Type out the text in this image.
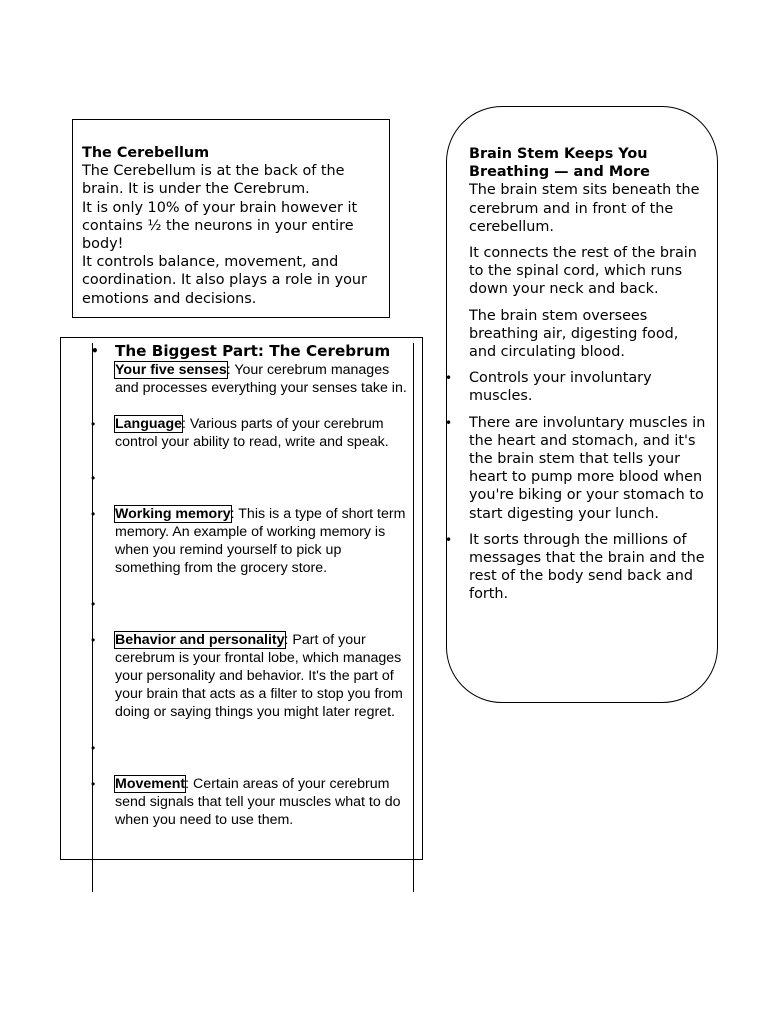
The Cerebellum

The Cerebellum is at the back of the brain. It is under the Cerebrum.

It is only 10% of your brain however it contains ½ the neurons in your entire body!

It controls balance, movement, and coordination. It also plays a role in your emotions and decisions.

Brain Stem Keeps You Breathing — and More

The brain stem sits beneath the cerebrum and in front of the cerebellum.

It connects the rest of the brain to the spinal cord, which runs down your neck and back.

The brain stem oversees breathing air, digesting food, and circulating blood.

• Controls your involuntary muscles.
• There are involuntary muscles in the heart and stomach, and it's the brain stem that tells your heart to pump more blood when you're biking or your stomach to start digesting your lunch.
• It sorts through the millions of messages that the brain and the rest of the body send back and forth.
• The Biggest Part: The Cerebrum
Your five senses: Your cerebrum manages and processes everything your senses take in.
• Language: Various parts of your cerebrum control your ability to read, write and speak.
•

• Working memory: This is a type of short term memory. An example of working memory is when you remind yourself to pick up something from the grocery store.
•

• Behavior and personality: Part of your cerebrum is your frontal lobe, which manages your personality and behavior. It's the part of your brain that acts as a filter to stop you from doing or saying things you might later regret.
•

• Movement: Certain areas of your cerebrum send signals that tell your muscles what to do when you need to use them.
